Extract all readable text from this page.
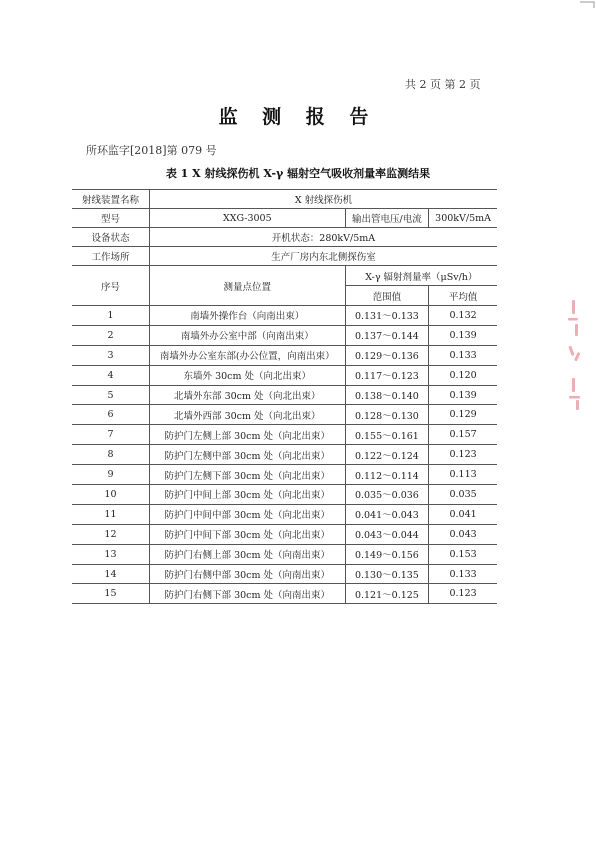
共 2 页 第 2 页
监 测 报 告
所环监字[2018]第 079 号
表 1 X 射线探伤机 X-γ 辐射空气吸收剂量率监测结果
射线装置名称	X 射线探伤机		
型号	XXG-3005	输出管电压/电流	300kV/5mA
设备状态	开机状态：280kV/5mA		
工作场所	生产厂房内东北侧探伤室		
序号	测量点位置	X-γ 辐射剂量率（μSv/h）	
		范围值	平均值
1	南墙外操作台（向南出束）	0.131～0.133	0.132
2	南墙外办公室中部（向南出束）	0.137～0.144	0.139
3	南墙外办公室东部(办公位置，向南出束）	0.129～0.136	0.133
4	东墙外 30cm 处（向北出束）	0.117～0.123	0.120
5	北墙外东部 30cm 处（向北出束）	0.138～0.140	0.139
6	北墙外西部 30cm 处（向北出束）	0.128～0.130	0.129
7	防护门左侧上部 30cm 处（向北出束）	0.155～0.161	0.157
8	防护门左侧中部 30cm 处（向北出束）	0.122～0.124	0.123
9	防护门左侧下部 30cm 处（向北出束）	0.112～0.114	0.113
10	防护门中间上部 30cm 处（向北出束）	0.035～0.036	0.035
11	防护门中间中部 30cm 处（向北出束）	0.041～0.043	0.041
12	防护门中间下部 30cm 处（向北出束）	0.043～0.044	0.043
13	防护门右侧上部 30cm 处（向南出束）	0.149～0.156	0.153
14	防护门右侧中部 30cm 处（向南出束）	0.130～0.135	0.133
15	防护门右侧下部 30cm 处（向南出束）	0.121～0.125	0.123
